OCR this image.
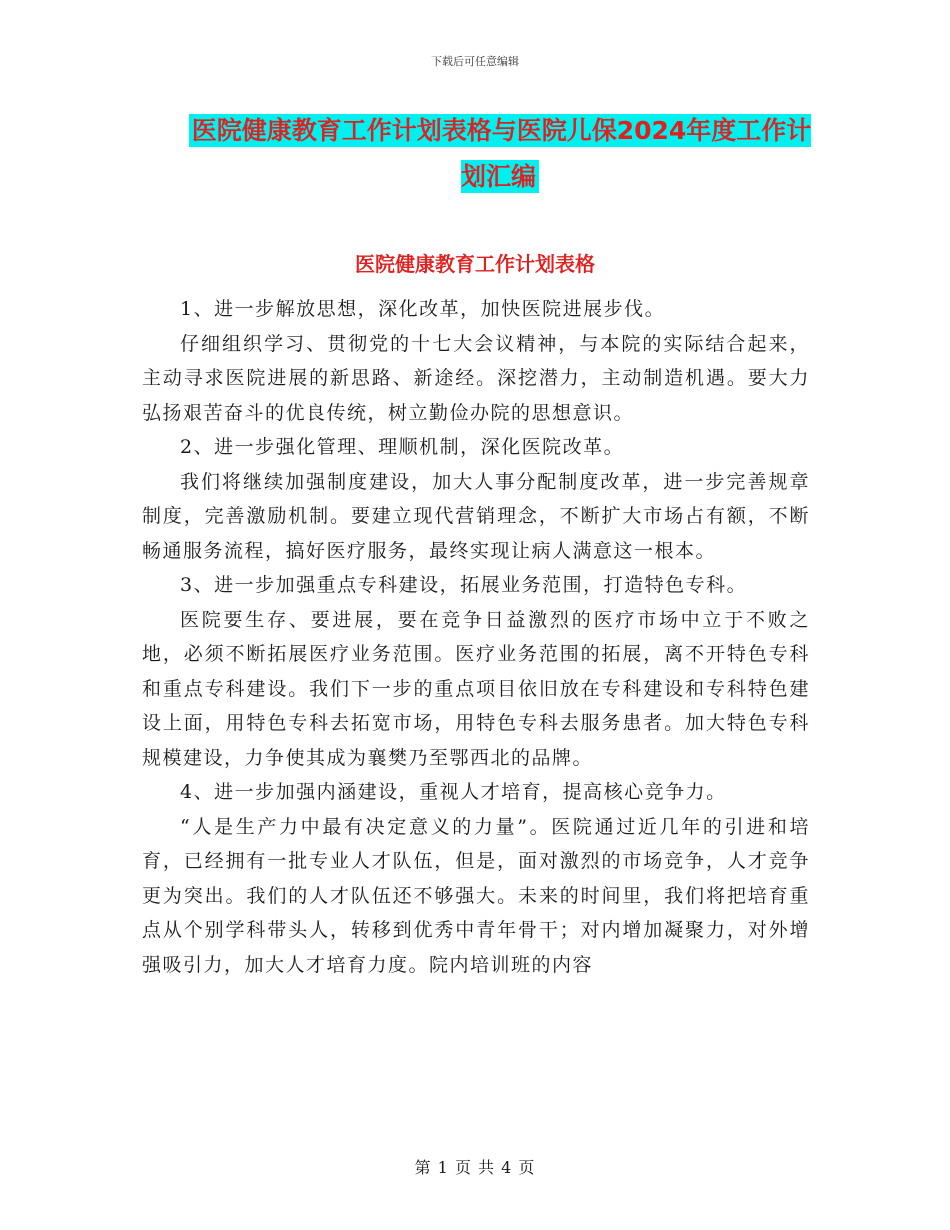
下载后可任意编辑
医院健康教育工作计划表格与医院儿保2024年度工作计划汇编
医院健康教育工作计划表格

1、进一步解放思想，深化改革，加快医院进展步伐。

仔细组织学习、贯彻党的十七大会议精神，与本院的实际结合起来，主动寻求医院进展的新思路、新途经。深挖潜力，主动制造机遇。要大力弘扬艰苦奋斗的优良传统，树立勤俭办院的思想意识。

2、进一步强化管理、理顺机制，深化医院改革。

我们将继续加强制度建设，加大人事分配制度改革，进一步完善规章制度，完善激励机制。要建立现代营销理念，不断扩大市场占有额，不断畅通服务流程，搞好医疗服务，最终实现让病人满意这一根本。

3、进一步加强重点专科建设，拓展业务范围，打造特色专科。

医院要生存、要进展，要在竞争日益激烈的医疗市场中立于不败之地，必须不断拓展医疗业务范围。医疗业务范围的拓展，离不开特色专科和重点专科建设。我们下一步的重点项目依旧放在专科建设和专科特色建设上面，用特色专科去拓宽市场，用特色专科去服务患者。加大特色专科规模建设，力争使其成为襄樊乃至鄂西北的品牌。

4、进一步加强内涵建设，重视人才培育，提高核心竞争力。

“人是生产力中最有决定意义的力量”。医院通过近几年的引进和培育，已经拥有一批专业人才队伍，但是，面对激烈的市场竞争，人才竞争更为突出。我们的人才队伍还不够强大。未来的时间里，我们将把培育重点从个别学科带头人，转移到优秀中青年骨干；对内增加凝聚力，对外增强吸引力，加大人才培育力度。院内培训班的内容

第 1 页 共 4 页
